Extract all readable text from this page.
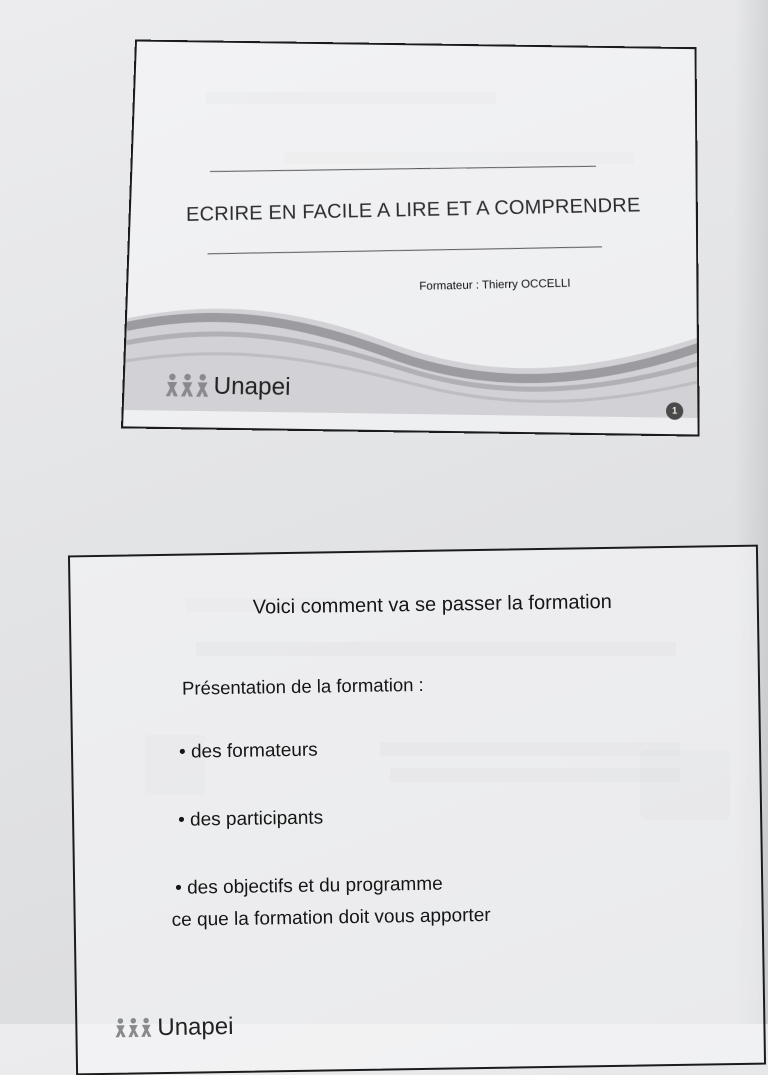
ECRIRE EN FACILE A LIRE ET A COMPRENDRE
Formateur : Thierry OCCELLI
Unapei
1
Voici comment va se passer la formation
Présentation de la formation :
• des formateurs
• des participants
• des objectifs et du programme
ce que la formation doit vous apporter
Unapei
